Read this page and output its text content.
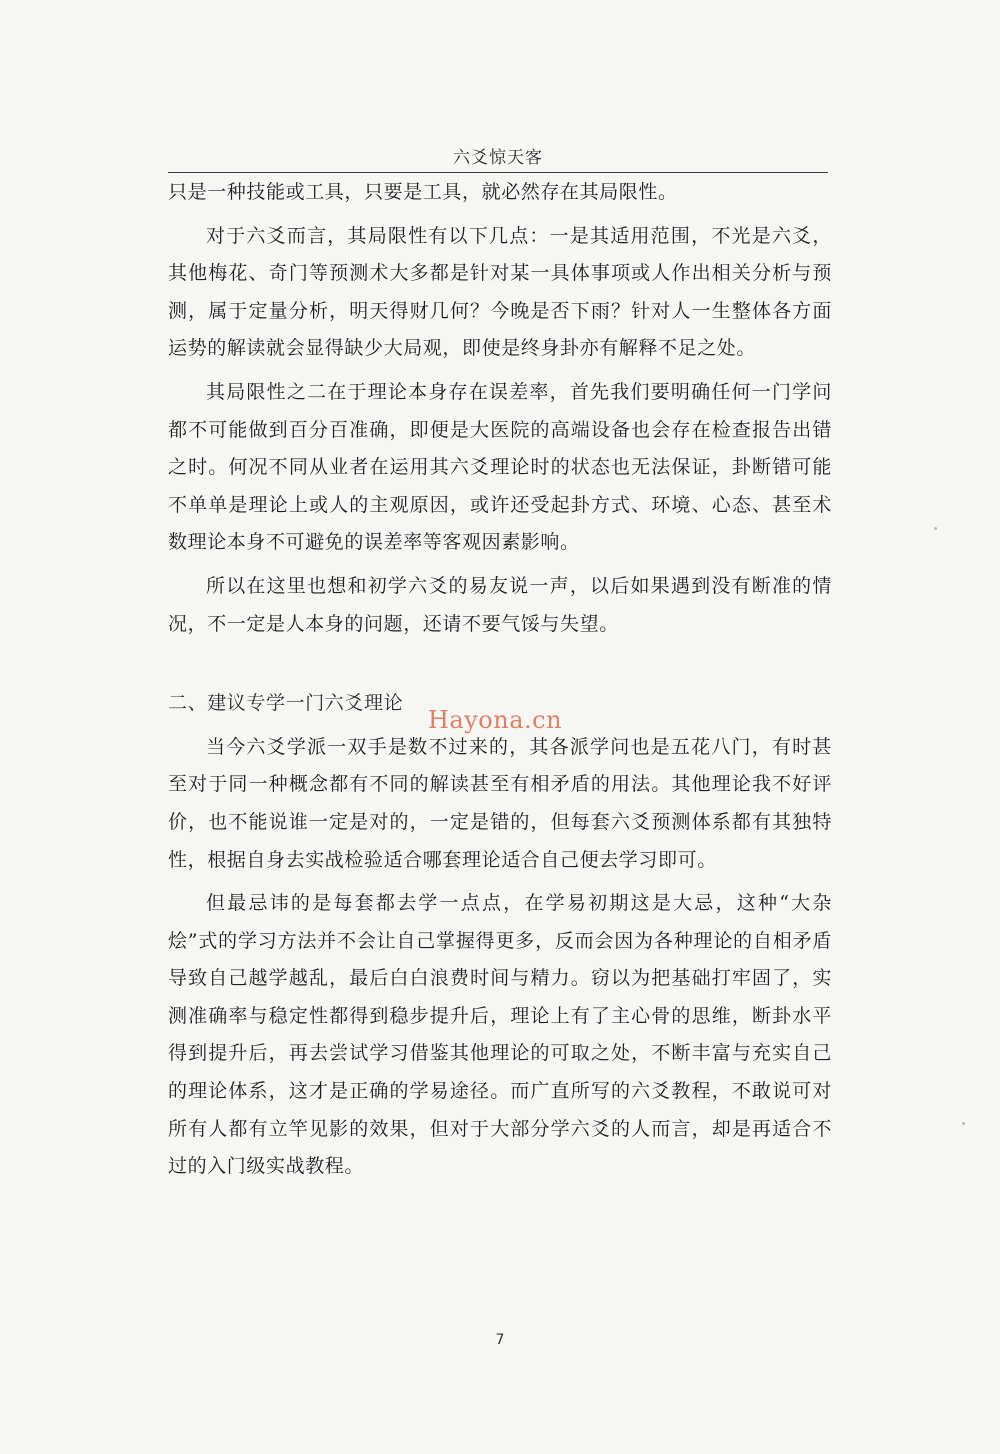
六爻惊天客

只是一种技能或工具，只要是工具，就必然存在其局限性。

对于六爻而言，其局限性有以下几点：一是其适用范围，不光是六爻，其他梅花、奇门等预测术大多都是针对某一具体事项或人作出相关分析与预测，属于定量分析，明天得财几何？今晚是否下雨？针对人一生整体各方面运势的解读就会显得缺少大局观，即使是终身卦亦有解释不足之处。

其局限性之二在于理论本身存在误差率，首先我们要明确任何一门学问都不可能做到百分百准确，即便是大医院的高端设备也会存在检查报告出错之时。何况不同从业者在运用其六爻理论时的状态也无法保证，卦断错可能不单单是理论上或人的主观原因，或许还受起卦方式、环境、心态、甚至术数理论本身不可避免的误差率等客观因素影响。

所以在这里也想和初学六爻的易友说一声，以后如果遇到没有断准的情况，不一定是人本身的问题，还请不要气馁与失望。

二、建议专学一门六爻理论

当今六爻学派一双手是数不过来的，其各派学问也是五花八门，有时甚至对于同一种概念都有不同的解读甚至有相矛盾的用法。其他理论我不好评价，也不能说谁一定是对的，一定是错的，但每套六爻预测体系都有其独特性，根据自身去实战检验适合哪套理论适合自己便去学习即可。

但最忌讳的是每套都去学一点点，在学易初期这是大忌，这种“大杂烩”式的学习方法并不会让自己掌握得更多，反而会因为各种理论的自相矛盾导致自己越学越乱，最后白白浪费时间与精力。窃以为把基础打牢固了，实测准确率与稳定性都得到稳步提升后，理论上有了主心骨的思维，断卦水平得到提升后，再去尝试学习借鉴其他理论的可取之处，不断丰富与充实自己的理论体系，这才是正确的学易途径。而广直所写的六爻教程，不敢说可对所有人都有立竿见影的效果，但对于大部分学六爻的人而言，却是再适合不过的入门级实战教程。

Hayona.cn
7
